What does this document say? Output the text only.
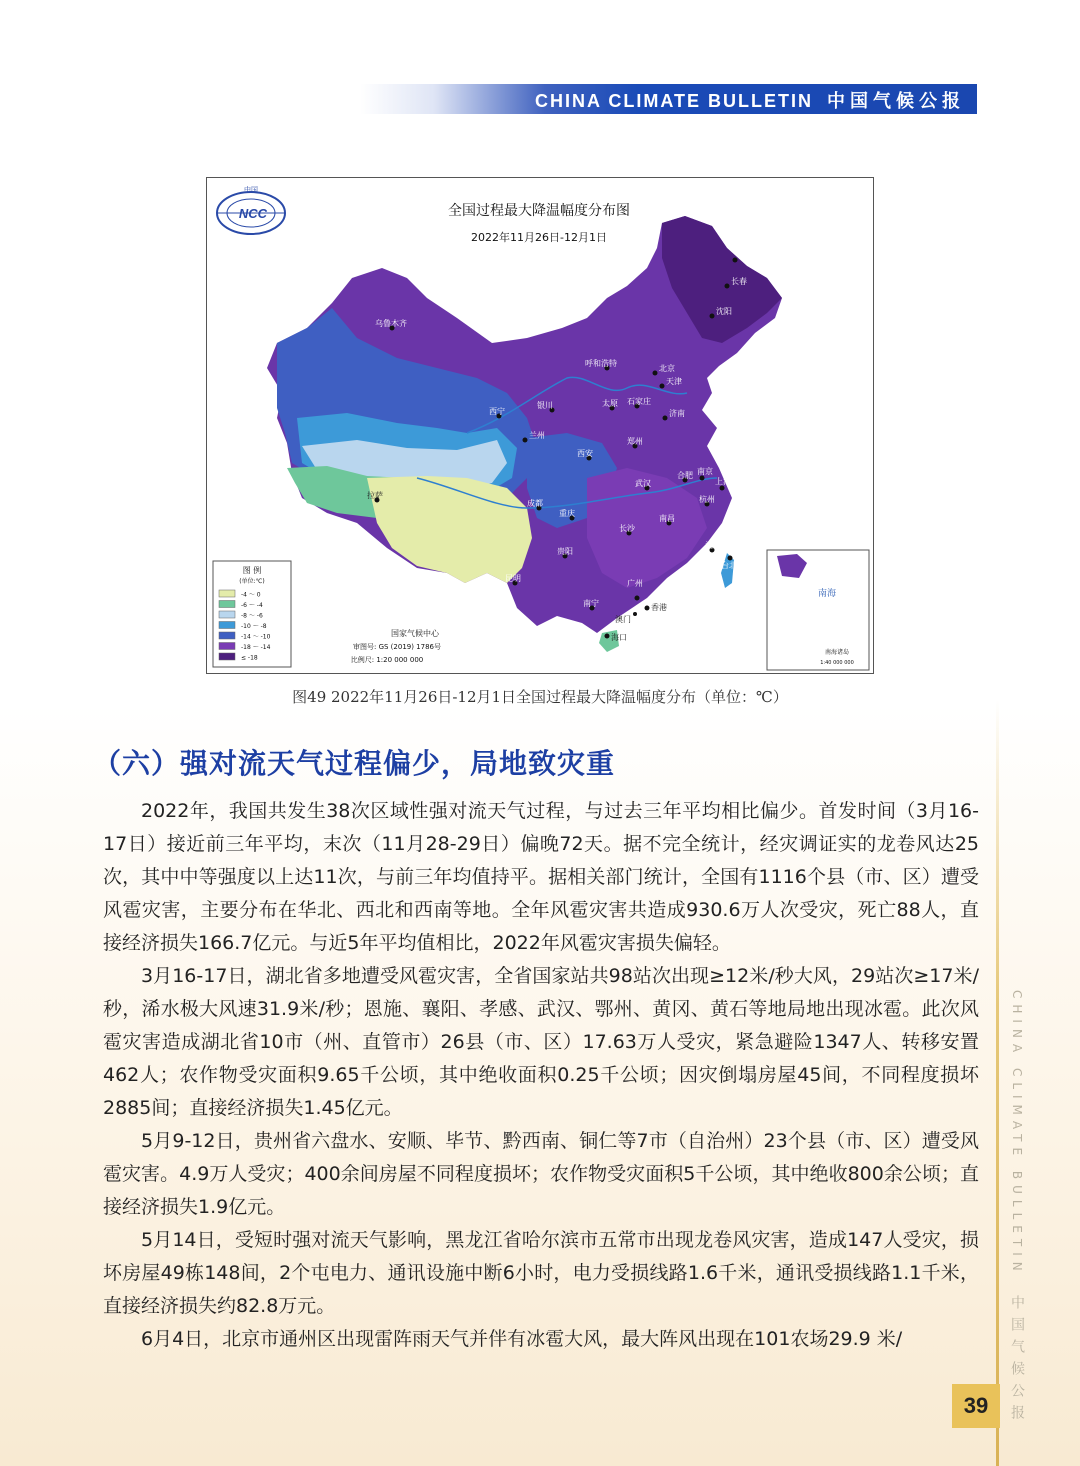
CHINA CLIMATE BULLETIN 中国气候公报
中国
NCC	全国过程最大降温幅度分布图
2022年11月26日-12月1日
乌鲁木齐
哈尔滨
长春
沈阳
呼和浩特
北京
天津
银川	太原 石家庄
济南
西宁
兰州
西安
郑州
合肥 南京
上海
武汉
杭州
成都
重庆
长沙
南昌
福州
贵阳
昆明
南宁
广州
香港
台北
拉萨
海口
澳门
图 例
(单位:℃)
-4 ～ 0
-6 ～ -4
-8 ～ -6
-10 ～ -8
-14 ～ -10
-18 ～ -14
≤ -18
国家气候中心
审图号: GS (2019) 1786号
比例尺: 1:20 000 000
南海
南海诸岛
1:40 000 000
图49 2022年11月26日-12月1日全国过程最大降温幅度分布（单位：℃）
（六）强对流天气过程偏少，局地致灾重

2022年，我国共发生38次区域性强对流天气过程，与过去三年平均相比偏少。首发时间（3月16-17日）接近前三年平均，末次（11月28-29日）偏晚72天。据不完全统计，经灾调证实的龙卷风达25次，其中中等强度以上达11次，与前三年均值持平。据相关部门统计，全国有1116个县（市、区）遭受风雹灾害，主要分布在华北、西北和西南等地。全年风雹灾害共造成930.6万人次受灾，死亡88人，直接经济损失166.7亿元。与近5年平均值相比，2022年风雹灾害损失偏轻。

3月16-17日，湖北省多地遭受风雹灾害，全省国家站共98站次出现≥12米/秒大风，29站次≥17米/秒，浠水极大风速31.9米/秒；恩施、襄阳、孝感、武汉、鄂州、黄冈、黄石等地局地出现冰雹。此次风雹灾害造成湖北省10市（州、直管市）26县（市、区）17.63万人受灾，紧急避险1347人、转移安置462人；农作物受灾面积9.65千公顷，其中绝收面积0.25千公顷；因灾倒塌房屋45间，不同程度损坏2885间；直接经济损失1.45亿元。

5月9-12日，贵州省六盘水、安顺、毕节、黔西南、铜仁等7市（自治州）23个县（市、区）遭受风雹灾害。4.9万人受灾；400余间房屋不同程度损坏；农作物受灾面积5千公顷，其中绝收800余公顷；直接经济损失1.9亿元。

5月14日，受短时强对流天气影响，黑龙江省哈尔滨市五常市出现龙卷风灾害，造成147人受灾，损坏房屋49栋148间，2个屯电力、通讯设施中断6小时，电力受损线路1.6千米，通讯受损线路1.1千米，直接经济损失约82.8万元。

6月4日，北京市通州区出现雷阵雨天气并伴有冰雹大风，最大阵风出现在101农场29.9 米/

CHINA CLIMATE BULLETIN中国气候公报
39
